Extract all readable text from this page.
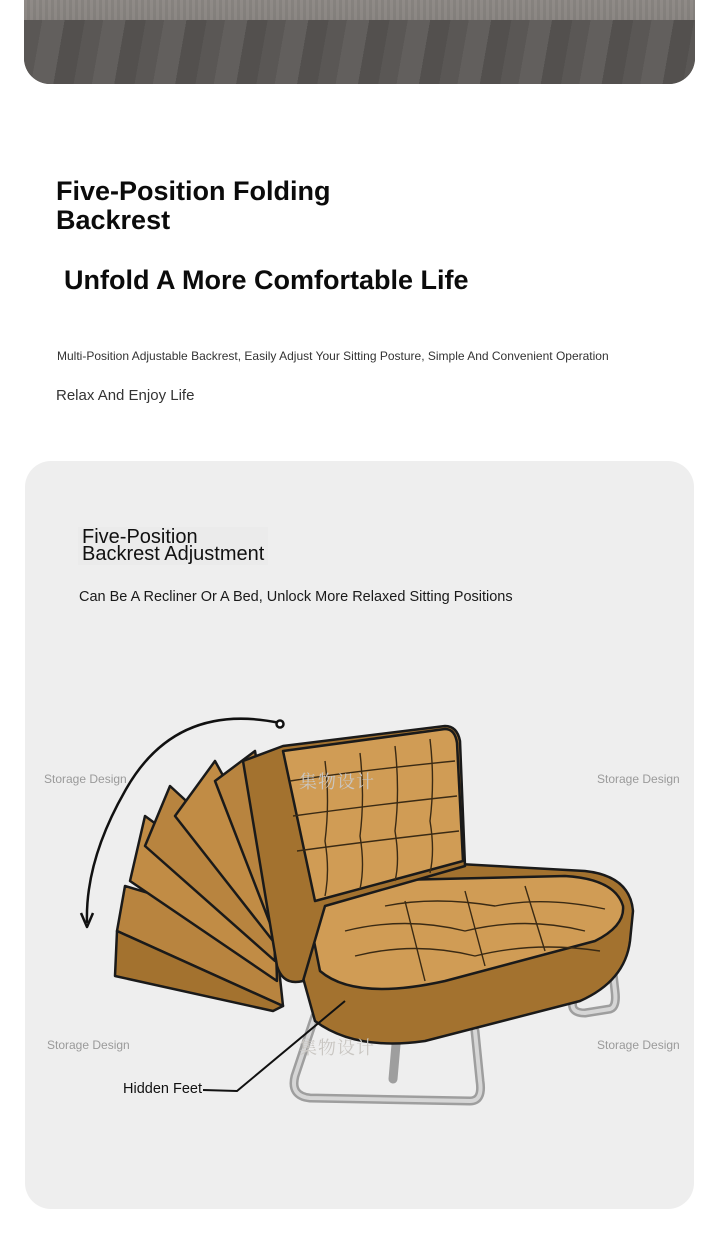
Five-Position Folding Backrest
Unfold A More Comfortable Life
Multi-Position Adjustable Backrest, Easily Adjust Your Sitting Posture, Simple And Convenient Operation
Relax And Enjoy Life
Five-Position
Backrest Adjustment
Can Be A Recliner Or A Bed, Unlock More Relaxed Sitting Positions
Storage Design	Storage Design
Storage Design	Storage Design
集物设计
集物设计
Hidden Feet
